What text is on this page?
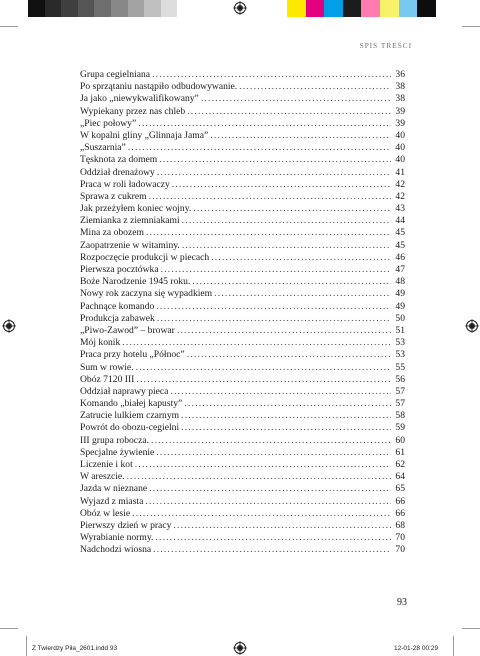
SPIS TREŚCI
Grupa cegielniana . . .	36
Po sprzątaniu nastąpiło odbudowywanie. . . .	38
Ja jako „niewykwalifikowany” . . .	38
Wypiekany przez nas chleb . . .	39
„Piec połowy” . . .	39
W kopalni gliny „Glinnaja Jama” . . .	40
„Suszarnia” . . .	40
Tęsknota za domem . . .	40
Oddział drenażowy . . .	41
Praca w roli ładowaczy . . .	42
Sprawa z cukrem . . .	42
Jak przeżyłem koniec wojny. . . .	43
Ziemianka z ziemniakami . . .	44
Mina za obozem . . .	45
Zaopatrzenie w witaminy. . . .	45
Rozpoczęcie produkcji w piecach . . .	46
Pierwsza pocztówka . . .	47
Boże Narodzenie 1945 roku. . . .	48
Nowy rok zaczyna się wypadkiem . . .	49
Pachnące komando . . .	49
Produkcja zabawek . . .	50
„Piwo-Zawod” – browar . . .	51
Mój konik . . .	53
Praca przy hotelu „Północ” . . .	53
Sum w rowie. . . .	55
Obóz 7120 III . . .	56
Oddział naprawy pieca . . .	57
Komando „białej kapusty” . . .	57
Zatrucie lulkiem czarnym . . .	58
Powrót do obozu-cegielni . . .	59
III grupa robocza. . . .	60
Specjalne żywienie . . .	61
Liczenie i kot . . .	62
W areszcie. . . .	64
Jazda w nieznane . . .	65
Wyjazd z miasta . . .	66
Obóz w lesie . . .	66
Pierwszy dzień w pracy . . .	68
Wyrabianie normy. . . .	70
Nadchodzi wiosna . . .	70
93
Z Twierdzy Piła_2601.indd 93	12-01-28 00:29
